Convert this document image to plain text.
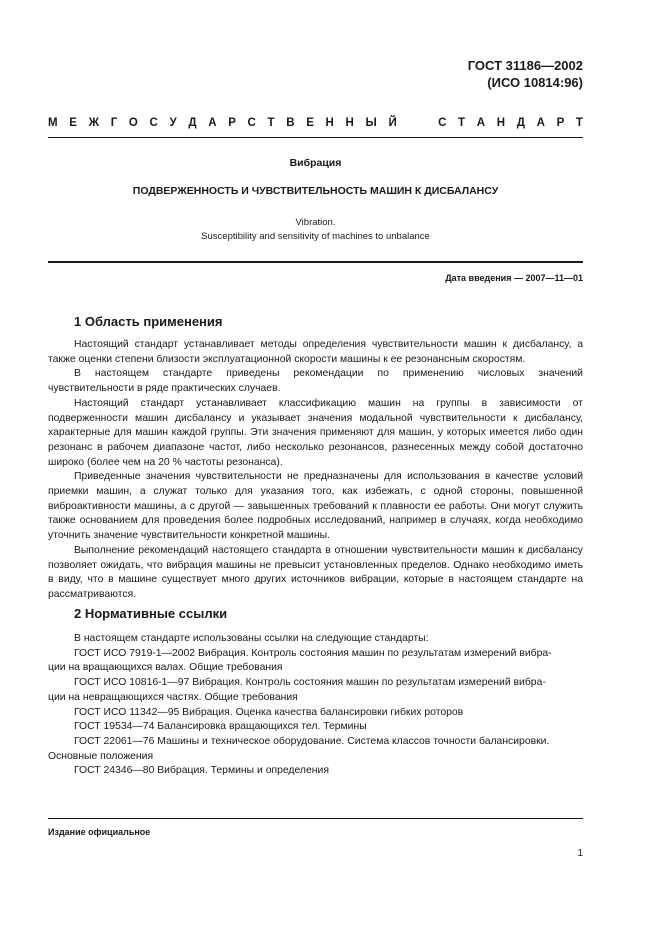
ГОСТ 31186—2002
(ИСО 10814:96)
М Е Ж Г О С У Д А Р С Т В Е Н Н Ы Й	С Т А Н Д А Р Т
Вибрация
ПОДВЕРЖЕННОСТЬ И ЧУВСТВИТЕЛЬНОСТЬ МАШИН К ДИСБАЛАНСУ
Vibration.
Susceptibility and sensitivity of machines to unbalance
Дата введения — 2007—11—01
1 Область применения

Настоящий стандарт устанавливает методы определения чувствительности машин к дисбалансу, а также оценки степени близости эксплуатационной скорости машины к ее резонансным скоростям.

В настоящем стандарте приведены рекомендации по применению числовых значений чувствительности в ряде практических случаев.

Настоящий стандарт устанавливает классификацию машин на группы в зависимости от подверженности машин дисбалансу и указывает значения модальной чувствительности к дисбалансу, характерные для машин каждой группы. Эти значения применяют для машин, у которых имеется либо один резонанс в рабочем диапазоне частот, либо несколько резонансов, разнесенных между собой достаточно широко (более чем на 20 % частоты резонанса).

Приведенные значения чувствительности не предназначены для использования в качестве условий приемки машин, а служат только для указания того, как избежать, с одной стороны, повышенной виброактивности машины, а с другой — завышенных требований к плавности ее работы. Они могут служить также основанием для проведения более подробных исследований, например в случаях, когда необходимо уточнить значение чувствительности конкретной машины.

Выполнение рекомендаций настоящего стандарта в отношении чувствительности машин к дисбалансу позволяет ожидать, что вибрация машины не превысит установленных пределов. Однако необходимо иметь в виду, что в машине существует много других источников вибрации, которые в настоящем стандарте на рассматриваются.

2 Нормативные ссылки

В настоящем стандарте использованы ссылки на следующие стандарты:

ГОСТ ИСО 7919-1—2002 Вибрация. Контроль состояния машин по результатам измерений вибра-

ции на вращающихся валах. Общие требования

ГОСТ ИСО 10816-1—97 Вибрация. Контроль состояния машин по результатам измерений вибра-

ции на невращающихся частях. Общие требования

ГОСТ ИСО 11342—95 Вибрация. Оценка качества балансировки гибких роторов

ГОСТ 19534—74 Балансировка вращающихся тел. Термины

ГОСТ 22061—76 Машины и техническое оборудование. Система классов точности балансировки.

Основные положения

ГОСТ 24346—80 Вибрация. Термины и определения

Издание официальное
1
